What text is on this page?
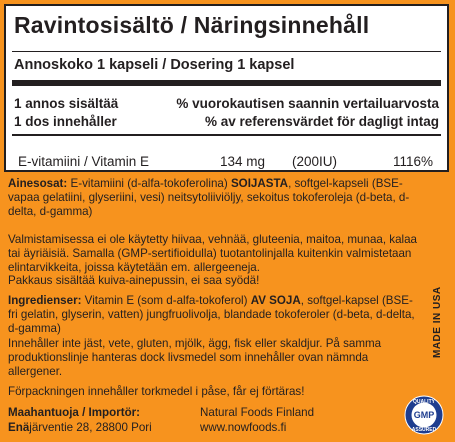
Ravintosisältö / Näringsinnehåll
Annoskoko 1 kapseli / Dosering 1 kapsel
1 annos sisältää
1 dos innehåller
% vuorokautisen saannin vertailuarvosta
% av referensvärdet för dagligt intag
E-vitamiini / Vitamin E	134 mg (200IU)	1116%

Ainesosat: E-vitamiini (d-alfa-tokoferolina) SOIJASTA, softgel-kapseli (BSE-vapaa gelatiini, glyseriini, vesi) neitsytoliiviöljy, sekoitus tokoferoleja (d-beta, d-delta, d-gamma)

Valmistamisessa ei ole käytetty hiivaa, vehnää, gluteenia, maitoa, munaa, kalaa tai äyriäisiä. Samalla (GMP-sertifioidulla) tuotantolinjalla kuitenkin valmistetaan elintarvikkeita, joissa käytetään em. allergeeneja.

Pakkaus sisältää kuiva-ainepussin, ei saa syödä!

Ingredienser: Vitamin E (som d-alfa-tokoferol) AV SOJA, softgel-kapsel (BSE-fri gelatin, glyserin, vatten) jungfruolivolja, blandade tokoferoler (d-beta, d-delta, d-gamma)

Innehåller inte jäst, vete, gluten, mjölk, ägg, fisk eller skaldjur. På samma produktionslinje hanteras dock livsmedel som innehåller ovan nämnda allergener.

Förpackningen innehåller torkmedel i påse, får ej förtäras!

Maahantuoja / Importör:
Enäjärventie 28, 28800 Pori
Natural Foods Finland
www.nowfoods.fi
MADE IN USA
QUALITY
GMP
ASSURED
